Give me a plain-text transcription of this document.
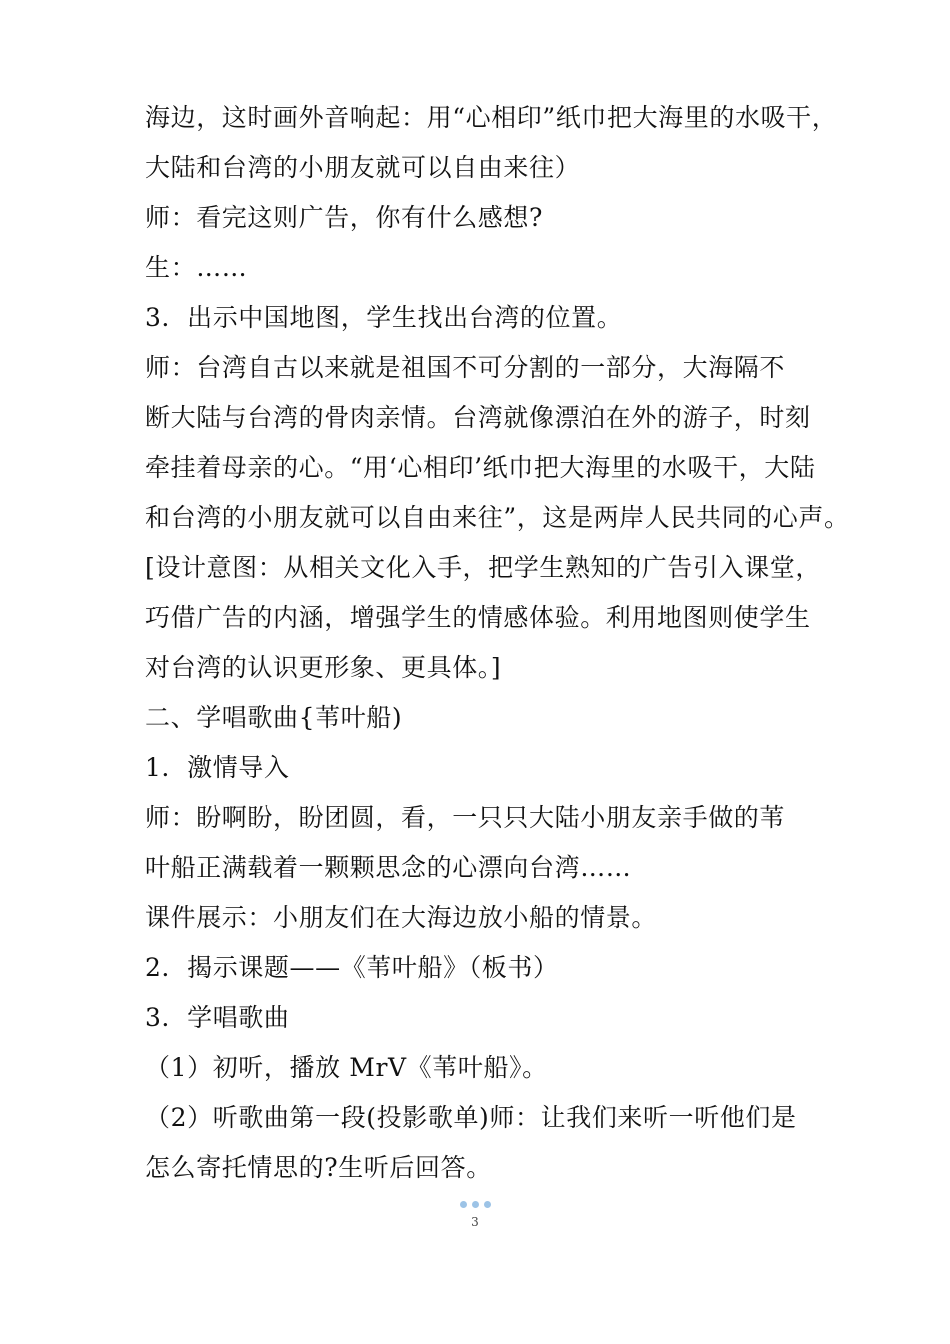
海边，这时画外音响起：用“心相印”纸巾把大海里的水吸干，
大陆和台湾的小朋友就可以自由来往）
师：看完这则广告，你有什么感想?
生：……
3．出示中国地图，学生找出台湾的位置。
师：台湾自古以来就是祖国不可分割的一部分，大海隔不
断大陆与台湾的骨肉亲情。台湾就像漂泊在外的游子，时刻
牵挂着母亲的心。“用‘心相印’纸巾把大海里的水吸干，大陆
和台湾的小朋友就可以自由来往”，这是两岸人民共同的心声。
[设计意图：从相关文化入手，把学生熟知的广告引入课堂，
巧借广告的内涵，增强学生的情感体验。利用地图则使学生
对台湾的认识更形象、更具体。]
二、学唱歌曲{苇叶船)
1．激情导入
师：盼啊盼，盼团圆，看，一只只大陆小朋友亲手做的苇
叶船正满载着一颗颗思念的心漂向台湾……
课件展示：小朋友们在大海边放小船的情景。
2．揭示课题——《苇叶船》（板书）
3．学唱歌曲
（1）初听，播放 MrV《苇叶船》。
（2）听歌曲第一段(投影歌单)师：让我们来听一听他们是
怎么寄托情思的?生听后回答。
3
